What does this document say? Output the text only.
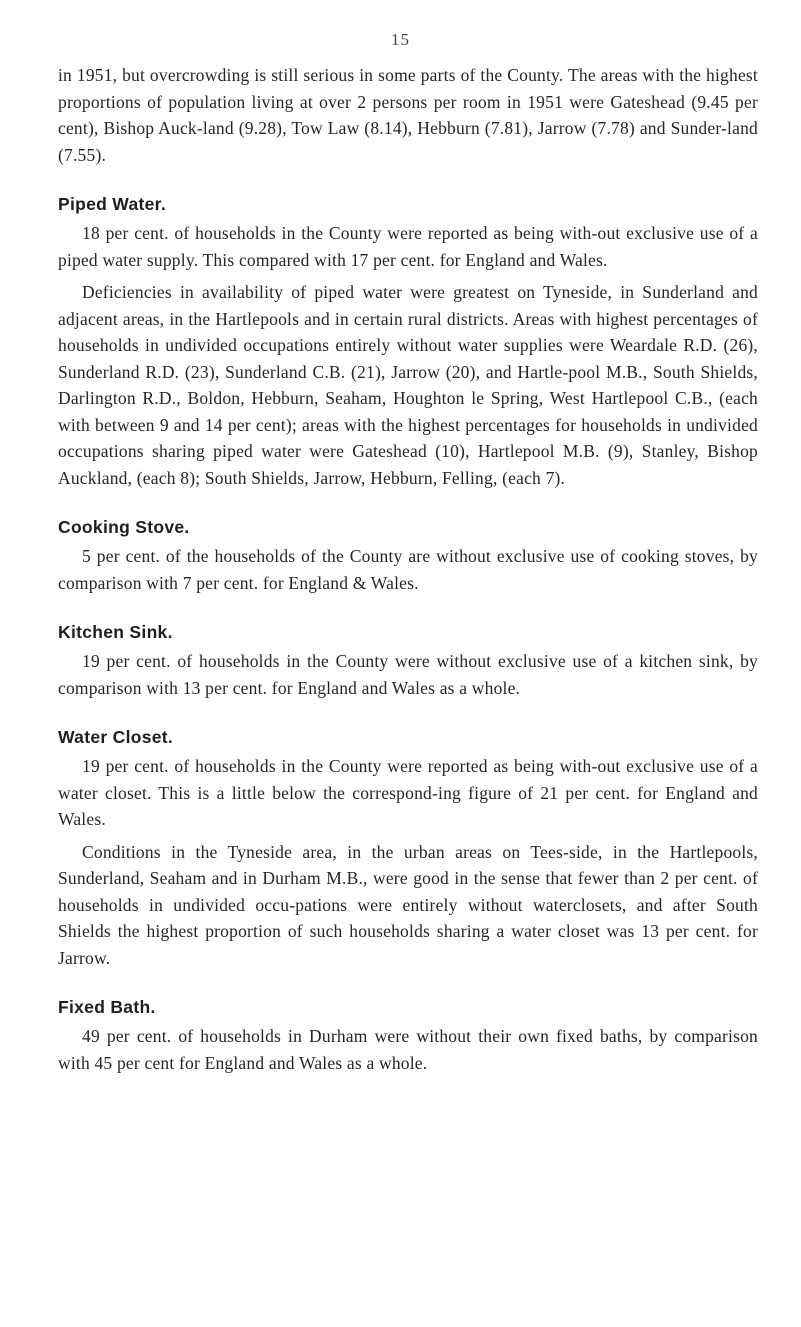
15

in 1951, but overcrowding is still serious in some parts of the County. The areas with the highest proportions of population living at over 2 persons per room in 1951 were Gateshead (9.45 per cent), Bishop Auck-land (9.28), Tow Law (8.14), Hebburn (7.81), Jarrow (7.78) and Sunder-land (7.55).

Piped Water.

18 per cent. of households in the County were reported as being with-out exclusive use of a piped water supply. This compared with 17 per cent. for England and Wales.

Deficiencies in availability of piped water were greatest on Tyneside, in Sunderland and adjacent areas, in the Hartlepools and in certain rural districts. Areas with highest percentages of households in undivided occupations entirely without water supplies were Weardale R.D. (26), Sunderland R.D. (23), Sunderland C.B. (21), Jarrow (20), and Hartle-pool M.B., South Shields, Darlington R.D., Boldon, Hebburn, Seaham, Houghton le Spring, West Hartlepool C.B., (each with between 9 and 14 per cent); areas with the highest percentages for households in undivided occupations sharing piped water were Gateshead (10), Hartlepool M.B. (9), Stanley, Bishop Auckland, (each 8); South Shields, Jarrow, Hebburn, Felling, (each 7).

Cooking Stove.

5 per cent. of the households of the County are without exclusive use of cooking stoves, by comparison with 7 per cent. for England & Wales.

Kitchen Sink.

19 per cent. of households in the County were without exclusive use of a kitchen sink, by comparison with 13 per cent. for England and Wales as a whole.

Water Closet.

19 per cent. of households in the County were reported as being with-out exclusive use of a water closet. This is a little below the correspond-ing figure of 21 per cent. for England and Wales.

Conditions in the Tyneside area, in the urban areas on Tees-side, in the Hartlepools, Sunderland, Seaham and in Durham M.B., were good in the sense that fewer than 2 per cent. of households in undivided occu-pations were entirely without waterclosets, and after South Shields the highest proportion of such households sharing a water closet was 13 per cent. for Jarrow.

Fixed Bath.

49 per cent. of households in Durham were without their own fixed baths, by comparison with 45 per cent for England and Wales as a whole.
